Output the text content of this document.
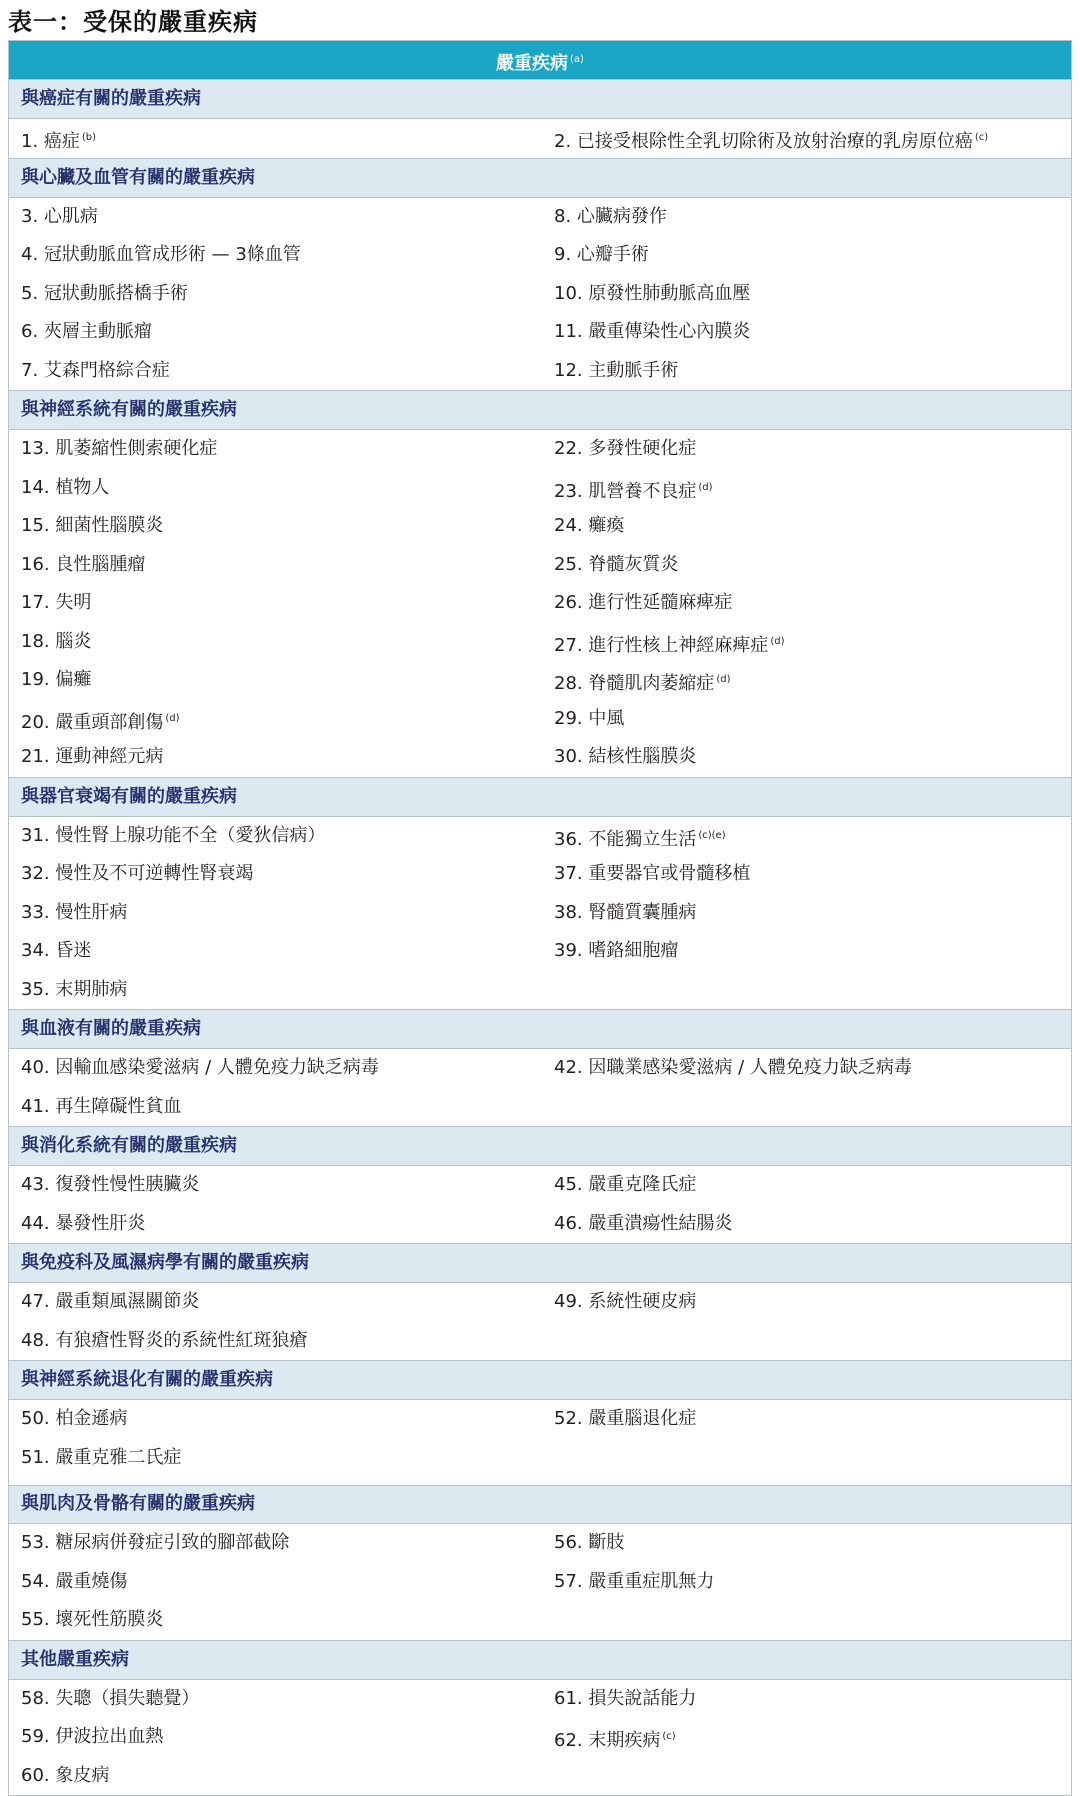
表一：受保的嚴重疾病
嚴重疾病 $^{(a)}$
與癌症有關的嚴重疾病
1. 癌症 $^{(b)}$	2. 已接受根除性全乳切除術及放射治療的乳房原位癌 $^{(c)}$
與心臟及血管有關的嚴重疾病
3. 心肌病	8. 心臟病發作
4. 冠狀動脈血管成形術 — 3條血管	9. 心瓣手術
5. 冠狀動脈搭橋手術	10. 原發性肺動脈高血壓
6. 夾層主動脈瘤	11. 嚴重傳染性心內膜炎
7. 艾森門格綜合症	12. 主動脈手術
與神經系統有關的嚴重疾病
13. 肌萎縮性側索硬化症	22. 多發性硬化症
14. 植物人	23. 肌營養不良症 $^{(d)}$
15. 細菌性腦膜炎	24. 癱瘓
16. 良性腦腫瘤	25. 脊髓灰質炎
17. 失明	26. 進行性延髓麻痺症
18. 腦炎	27. 進行性核上神經麻痺症 $^{(d)}$
19. 偏癱	28. 脊髓肌肉萎縮症 $^{(d)}$
20. 嚴重頭部創傷 $^{(d)}$	29. 中風
21. 運動神經元病	30. 結核性腦膜炎
與器官衰竭有關的嚴重疾病
31. 慢性腎上腺功能不全（愛狄信病）	36. 不能獨立生活 $^{(c)(e)}$
32. 慢性及不可逆轉性腎衰竭	37. 重要器官或骨髓移植
33. 慢性肝病	38. 腎髓質囊腫病
34. 昏迷	39. 嗜鉻細胞瘤
35. 末期肺病
與血液有關的嚴重疾病
40. 因輸血感染愛滋病 / 人體免疫力缺乏病毒	42. 因職業感染愛滋病 / 人體免疫力缺乏病毒
41. 再生障礙性貧血
與消化系統有關的嚴重疾病
43. 復發性慢性胰臟炎	45. 嚴重克隆氏症
44. 暴發性肝炎	46. 嚴重潰瘍性結腸炎
與免疫科及風濕病學有關的嚴重疾病
47. 嚴重類風濕關節炎	49. 系統性硬皮病
48. 有狼瘡性腎炎的系統性紅斑狼瘡
與神經系統退化有關的嚴重疾病
50. 柏金遜病	52. 嚴重腦退化症
51. 嚴重克雅二氏症
與肌肉及骨骼有關的嚴重疾病
53. 糖尿病併發症引致的腳部截除	56. 斷肢
54. 嚴重燒傷	57. 嚴重重症肌無力
55. 壞死性筋膜炎
其他嚴重疾病
58. 失聰（損失聽覺）	61. 損失說話能力
59. 伊波拉出血熱	62. 末期疾病 $^{(c)}$
60. 象皮病
